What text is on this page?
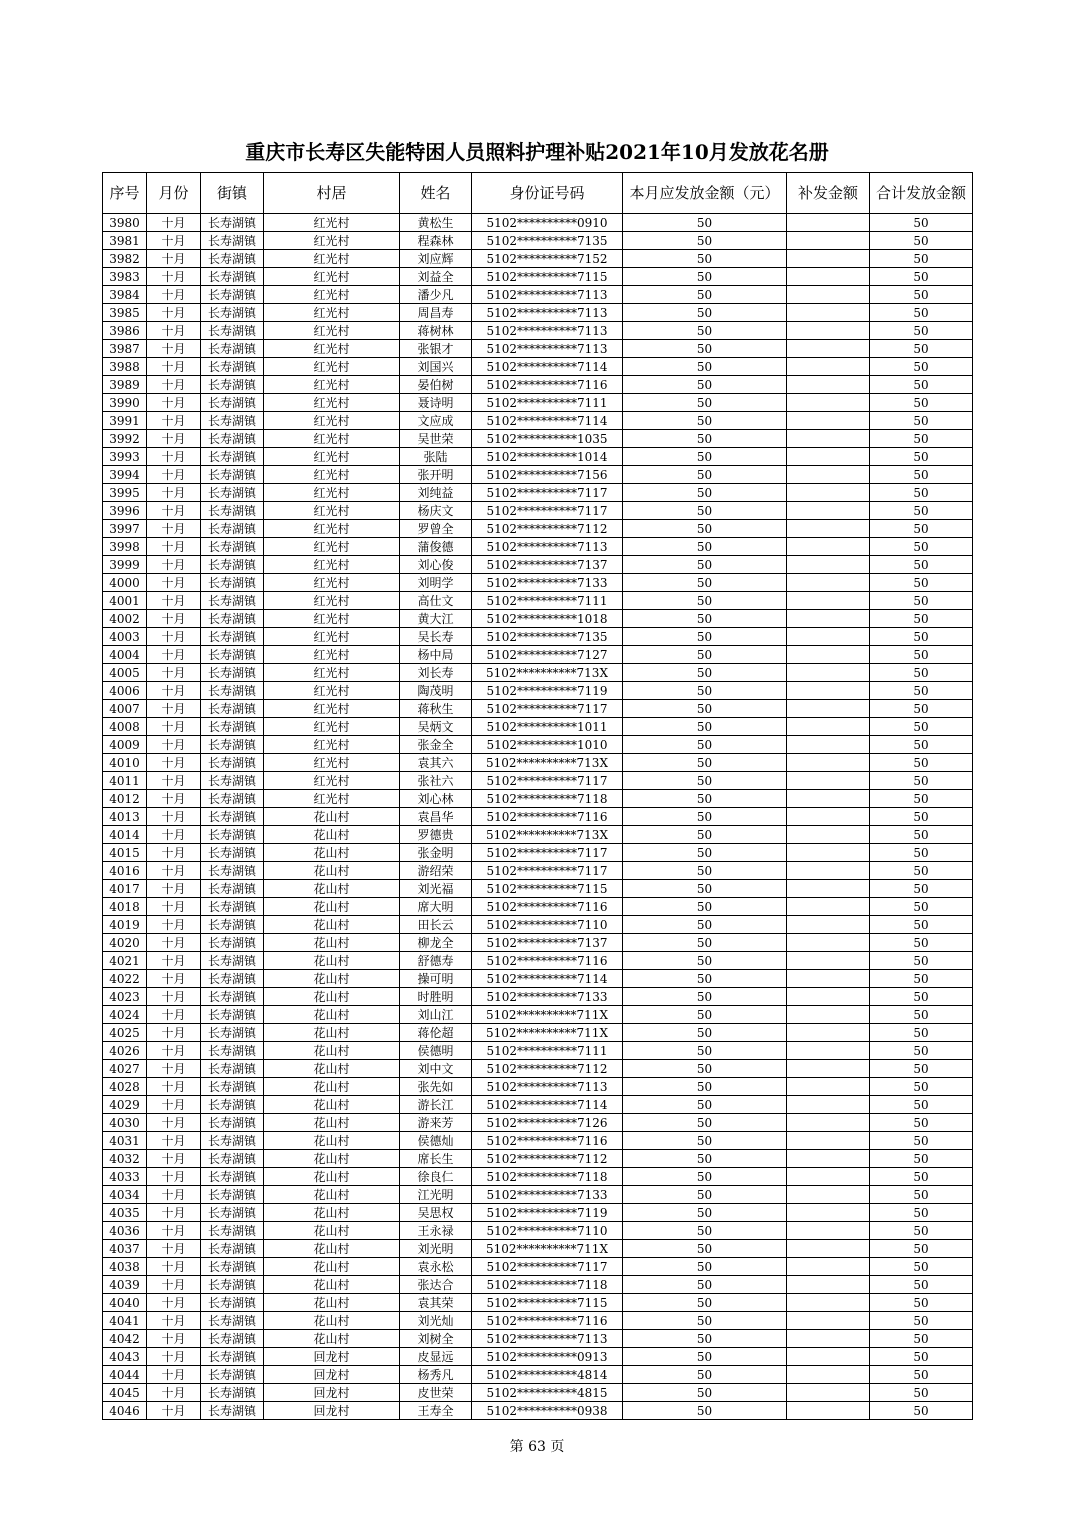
重庆市长寿区失能特困人员照料护理补贴2021年10月发放花名册
序号	月份	街镇	村居	姓名	身份证号码	本月应发放金额（元）	补发金额	合计发放金额
3980	十月	长寿湖镇	红光村	黄松生	5102**********0910	50		50
3981	十月	长寿湖镇	红光村	程森林	5102**********7135	50		50
3982	十月	长寿湖镇	红光村	刘应辉	5102**********7152	50		50
3983	十月	长寿湖镇	红光村	刘益全	5102**********7115	50		50
3984	十月	长寿湖镇	红光村	潘少凡	5102**********7113	50		50
3985	十月	长寿湖镇	红光村	周昌寿	5102**********7113	50		50
3986	十月	长寿湖镇	红光村	蒋树林	5102**********7113	50		50
3987	十月	长寿湖镇	红光村	张银才	5102**********7113	50		50
3988	十月	长寿湖镇	红光村	刘国兴	5102**********7114	50		50
3989	十月	长寿湖镇	红光村	晏伯树	5102**********7116	50		50
3990	十月	长寿湖镇	红光村	聂诗明	5102**********7111	50		50
3991	十月	长寿湖镇	红光村	文应成	5102**********7114	50		50
3992	十月	长寿湖镇	红光村	吴世荣	5102**********1035	50		50
3993	十月	长寿湖镇	红光村	张陆	5102**********1014	50		50
3994	十月	长寿湖镇	红光村	张开明	5102**********7156	50		50
3995	十月	长寿湖镇	红光村	刘纯益	5102**********7117	50		50
3996	十月	长寿湖镇	红光村	杨庆文	5102**********7117	50		50
3997	十月	长寿湖镇	红光村	罗曾全	5102**********7112	50		50
3998	十月	长寿湖镇	红光村	蒲俊德	5102**********7113	50		50
3999	十月	长寿湖镇	红光村	刘心俊	5102**********7137	50		50
4000	十月	长寿湖镇	红光村	刘明学	5102**********7133	50		50
4001	十月	长寿湖镇	红光村	高仕文	5102**********7111	50		50
4002	十月	长寿湖镇	红光村	黄大江	5102**********1018	50		50
4003	十月	长寿湖镇	红光村	吴长寿	5102**********7135	50		50
4004	十月	长寿湖镇	红光村	杨中局	5102**********7127	50		50
4005	十月	长寿湖镇	红光村	刘长寿	5102**********713X	50		50
4006	十月	长寿湖镇	红光村	陶茂明	5102**********7119	50		50
4007	十月	长寿湖镇	红光村	蒋秋生	5102**********7117	50		50
4008	十月	长寿湖镇	红光村	吴炳文	5102**********1011	50		50
4009	十月	长寿湖镇	红光村	张金全	5102**********1010	50		50
4010	十月	长寿湖镇	红光村	袁其六	5102**********713X	50		50
4011	十月	长寿湖镇	红光村	张社六	5102**********7117	50		50
4012	十月	长寿湖镇	红光村	刘心林	5102**********7118	50		50
4013	十月	长寿湖镇	花山村	袁昌华	5102**********7116	50		50
4014	十月	长寿湖镇	花山村	罗德贵	5102**********713X	50		50
4015	十月	长寿湖镇	花山村	张金明	5102**********7117	50		50
4016	十月	长寿湖镇	花山村	游绍荣	5102**********7117	50		50
4017	十月	长寿湖镇	花山村	刘光福	5102**********7115	50		50
4018	十月	长寿湖镇	花山村	席大明	5102**********7116	50		50
4019	十月	长寿湖镇	花山村	田长云	5102**********7110	50		50
4020	十月	长寿湖镇	花山村	柳龙全	5102**********7137	50		50
4021	十月	长寿湖镇	花山村	舒德寿	5102**********7116	50		50
4022	十月	长寿湖镇	花山村	操可明	5102**********7114	50		50
4023	十月	长寿湖镇	花山村	时胜明	5102**********7133	50		50
4024	十月	长寿湖镇	花山村	刘山江	5102**********711X	50		50
4025	十月	长寿湖镇	花山村	蒋伦超	5102**********711X	50		50
4026	十月	长寿湖镇	花山村	侯德明	5102**********7111	50		50
4027	十月	长寿湖镇	花山村	刘中文	5102**********7112	50		50
4028	十月	长寿湖镇	花山村	张先如	5102**********7113	50		50
4029	十月	长寿湖镇	花山村	游长江	5102**********7114	50		50
4030	十月	长寿湖镇	花山村	游来芳	5102**********7126	50		50
4031	十月	长寿湖镇	花山村	侯德灿	5102**********7116	50		50
4032	十月	长寿湖镇	花山村	席长生	5102**********7112	50		50
4033	十月	长寿湖镇	花山村	徐良仁	5102**********7118	50		50
4034	十月	长寿湖镇	花山村	江光明	5102**********7133	50		50
4035	十月	长寿湖镇	花山村	吴思权	5102**********7119	50		50
4036	十月	长寿湖镇	花山村	王永禄	5102**********7110	50		50
4037	十月	长寿湖镇	花山村	刘光明	5102**********711X	50		50
4038	十月	长寿湖镇	花山村	袁永松	5102**********7117	50		50
4039	十月	长寿湖镇	花山村	张达合	5102**********7118	50		50
4040	十月	长寿湖镇	花山村	袁其荣	5102**********7115	50		50
4041	十月	长寿湖镇	花山村	刘光灿	5102**********7116	50		50
4042	十月	长寿湖镇	花山村	刘树全	5102**********7113	50		50
4043	十月	长寿湖镇	回龙村	皮显远	5102**********0913	50		50
4044	十月	长寿湖镇	回龙村	杨秀凡	5102**********4814	50		50
4045	十月	长寿湖镇	回龙村	皮世荣	5102**********4815	50		50
4046	十月	长寿湖镇	回龙村	王寿全	5102**********0938	50		50
第 63 页
